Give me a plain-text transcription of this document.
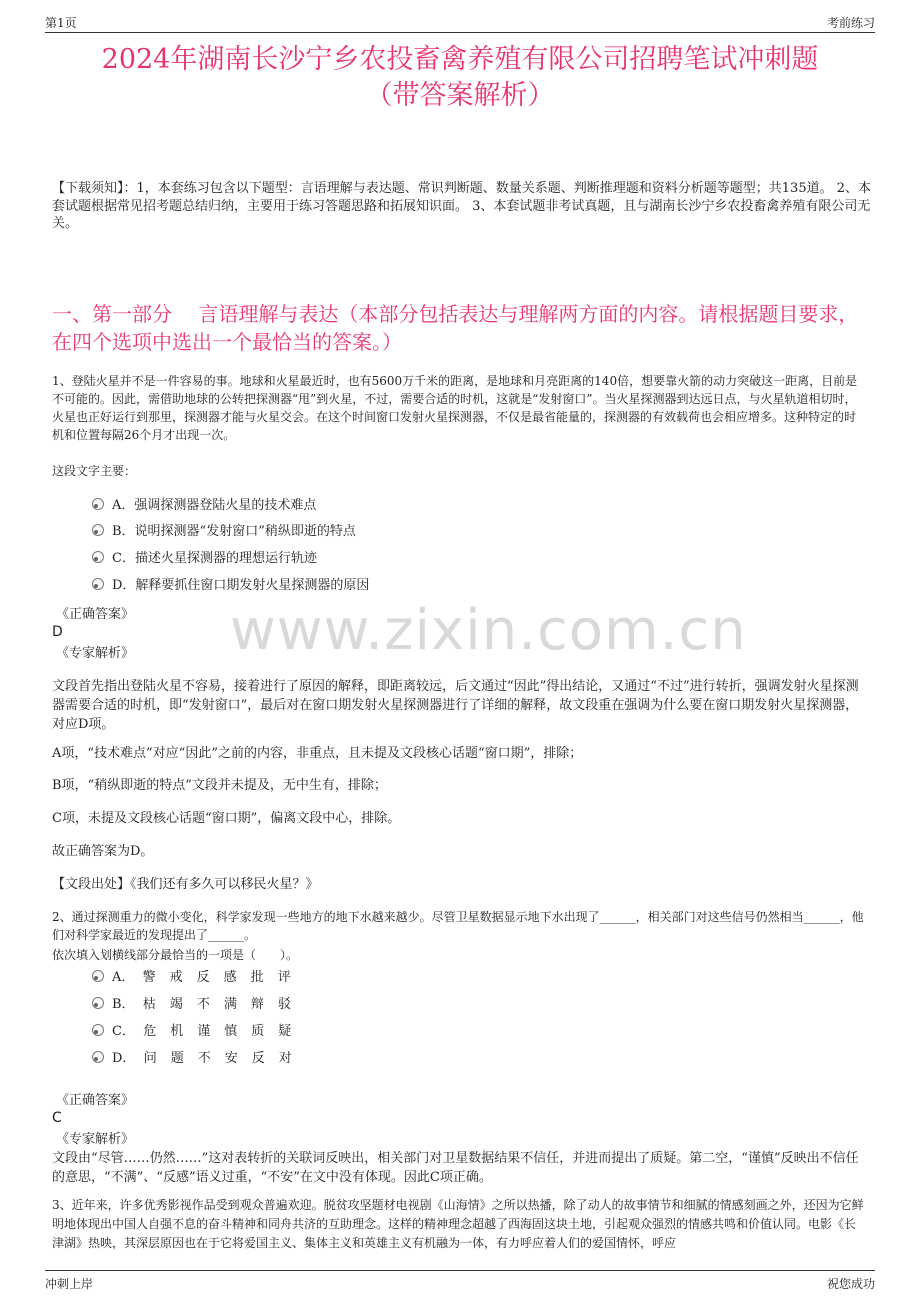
第1页	考前练习
2024年湖南长沙宁乡农投畜禽养殖有限公司招聘笔试冲刺题
（带答案解析）
【下载须知】：1，本套练习包含以下题型：言语理解与表达题、常识判断题、数量关系题、判断推理题和资料分析题等题型；共135道。 2、本套试题根据常见招考题总结归纳，主要用于练习答题思路和拓展知识面。 3、本套试题非考试真题，且与湖南长沙宁乡农投畜禽养殖有限公司无关。
一、第一部分　 言语理解与表达（本部分包括表达与理解两方面的内容。请根据题目要求，在四个选项中选出一个最恰当的答案。）
1、登陆火星并不是一件容易的事。地球和火星最近时，也有5600万千米的距离，是地球和月亮距离的140倍，想要靠火箭的动力突破这一距离，目前是不可能的。因此，需借助地球的公转把探测器“甩”到火星，不过，需要合适的时机，这就是“发射窗口”。当火星探测器到达远日点，与火星轨道相切时，火星也正好运行到那里，探测器才能与火星交会。在这个时间窗口发射火星探测器，不仅是最省能量的，探测器的有效载荷也会相应增多。这种特定的时机和位置每隔26个月才出现一次。
这段文字主要：
A．强调探测器登陆火星的技术难点
B．说明探测器“发射窗口”稍纵即逝的特点
C．描述火星探测器的理想运行轨迹
D．解释要抓住窗口期发射火星探测器的原因
《正确答案》
D
《专家解析》
文段首先指出登陆火星不容易，接着进行了原因的解释，即距离较远，后文通过“因此”得出结论，又通过“不过”进行转折，强调发射火星探测器需要合适的时机，即“发射窗口”，最后对在窗口期发射火星探测器进行了详细的解释，故文段重在强调为什么要在窗口期发射火星探测器，对应D项。
A项，“技术难点”对应“因此”之前的内容，非重点，且未提及文段核心话题“窗口期”，排除；
B项，“稍纵即逝的特点”文段并未提及，无中生有，排除；
C项，未提及文段核心话题“窗口期”，偏离文段中心，排除。
故正确答案为D。
【文段出处】《我们还有多久可以移民火星？》
www.zixin.com.cn
2、通过探测重力的微小变化，科学家发现一些地方的地下水越来越少。尽管卫星数据显示地下水出现了______，相关部门对这些信号仍然相当______，他们对科学家最近的发现提出了______。
依次填入划横线部分最恰当的一项是（　　）。
A． 警戒反感批评
B． 枯竭不满辩驳
C． 危机谨慎质疑
D． 问题不安反对
《正确答案》
C
《专家解析》
文段由“尽管……仍然……”这对表转折的关联词反映出，相关部门对卫星数据结果不信任，并进而提出了质疑。第二空，“谨慎”反映出不信任的意思，“不满”、“反感”语义过重，“不安”在文中没有体现。因此C项正确。
3、近年来，许多优秀影视作品受到观众普遍欢迎。脱贫攻坚题材电视剧《山海情》之所以热播，除了动人的故事情节和细腻的情感刻画之外，还因为它鲜明地体现出中国人自强不息的奋斗精神和同舟共济的互助理念。这样的精神理念超越了西海固这块土地，引起观众强烈的情感共鸣和价值认同。电影《长津湖》热映，其深层原因也在于它将爱国主义、集体主义和英雄主义有机融为一体，有力呼应着人们的爱国情怀，呼应
冲刺上岸	祝您成功
